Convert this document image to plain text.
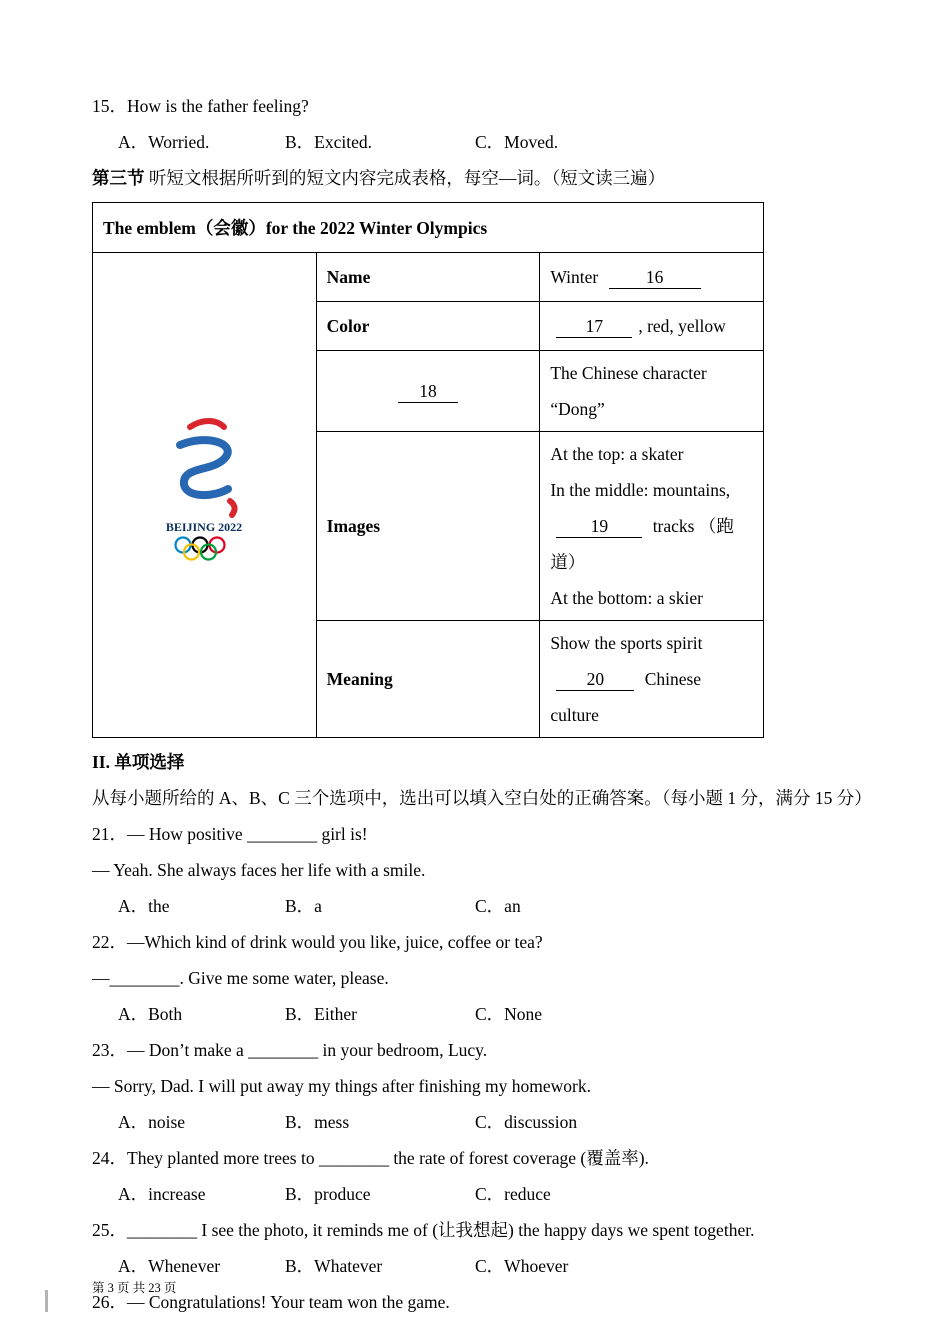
15．How is the father feeling?
A．Worried.	B．Excited.	C．Moved.
第三节 听短文根据所听到的短文内容完成表格，每空—词。（短文读三遍）
The emblem（会徽）for the 2022 Winter Olympics		

BEIJING 2022	Name	Winter 16
	Color	17 , red, yellow
	18	The Chinese character “Dong”
	Images	At the top: a skater
In the middle: mountains, 19 tracks （跑道）
At the bottom: a skier

	Meaning	Show the sports spirit
20 Chinese culture
II. 单项选择
从每小题所给的 A、B、C 三个选项中，选出可以填入空白处的正确答案。（每小题 1 分，满分 15 分）
21．— How positive ________ girl is!
— Yeah. She always faces her life with a smile.
A．the	B．a	C．an
22．—Which kind of drink would you like, juice, coffee or tea?
—________. Give me some water, please.
A．Both	B．Either	C．None
23．— Don’t make a ________ in your bedroom, Lucy.
— Sorry, Dad. I will put away my things after finishing my homework.
A．noise	B．mess	C．discussion
24．They planted more trees to ________ the rate of forest coverage (覆盖率).
A．increase	B．produce	C．reduce
25．________ I see the photo, it reminds me of (让我想起) the happy days we spent together.
A．Whenever	B．Whatever	C．Whoever
26．— Congratulations! Your team won the game.
第 3 页 共 23 页
